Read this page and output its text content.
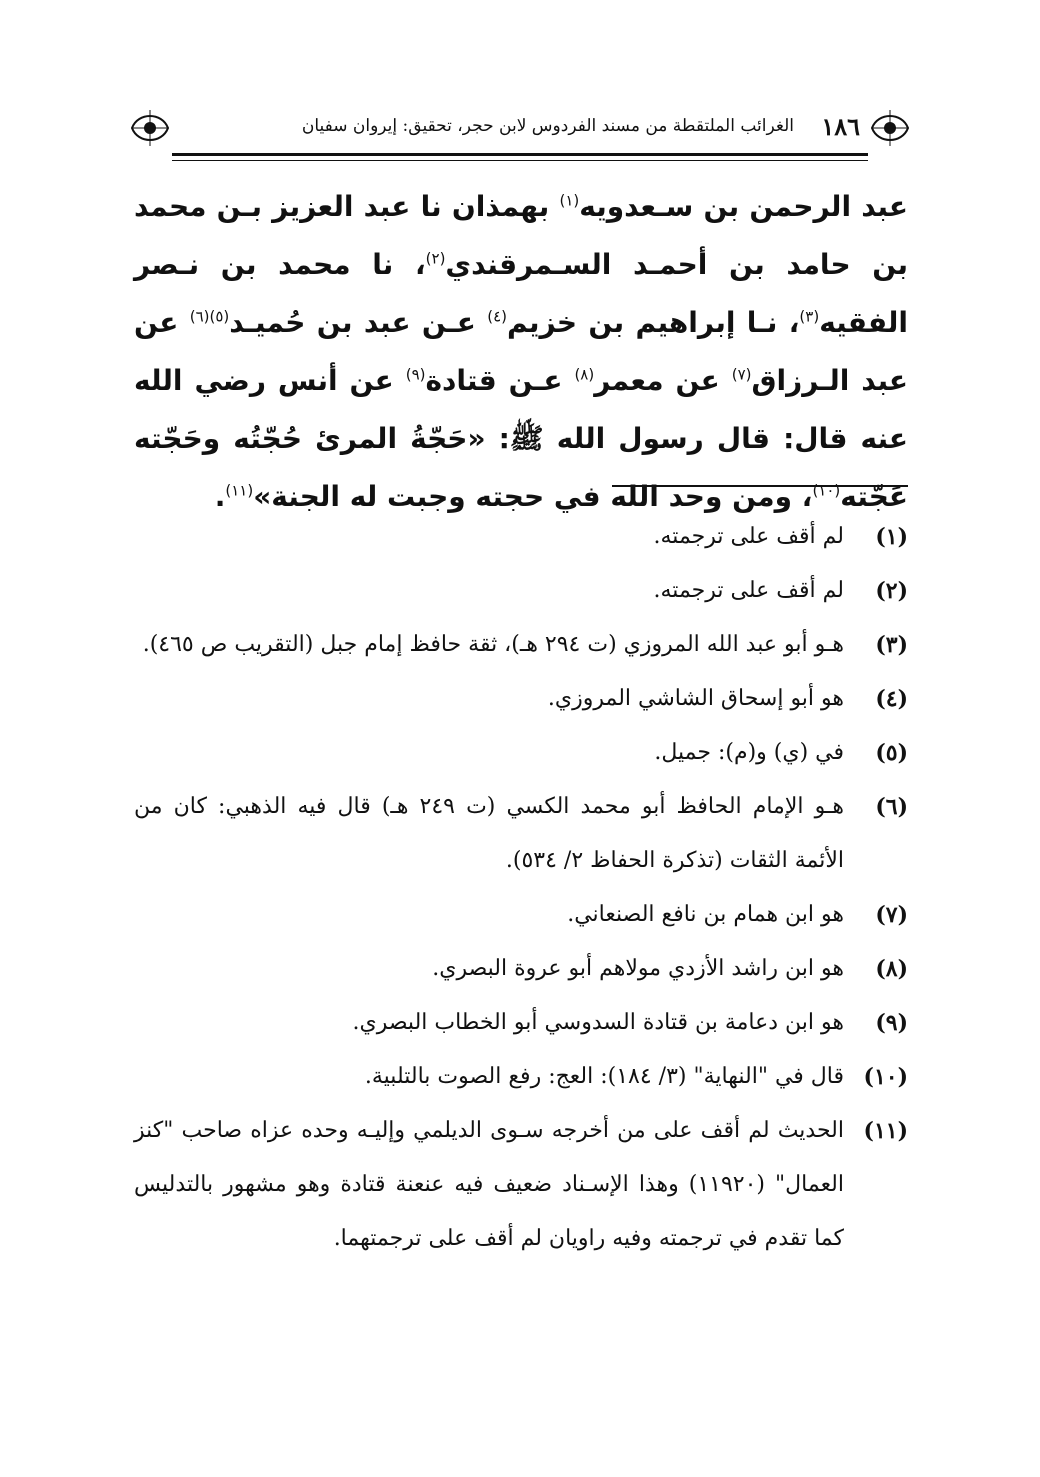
١٨٦
الغرائب الملتقطة من مسند الفردوس لابن حجر، تحقيق: إيروان سفيان

عبد الرحمن بن سـعدويه$^{(١)}$ بهمذان نا عبد العزيز بـن محمد بن حامد بن أحمـد السـمرقندي$^{(٢)}$، نا محمد بن نـصر الفقيه$^{(٣)}$، نـا إبراهيم بن خزيم$^{(٤)}$ عـن عبد بن حُميـد$^{(٥)(٦)}$ عن عبد الـرزاق$^{(٧)}$ عن معمر$^{(٨)}$ عـن قتادة$^{(٩)}$ عن أنس رضي الله عنه قال: قال رسول الله ﷺ: «حَجّةُ المرئ حُجّتُه وحَجّته عَجّته$^{(١٠)}$، ومن وحد الله في حجته وجبت له الجنة»$^{(١١)}$.

(١)
لم أقف على ترجمته.
(٢)
لم أقف على ترجمته.
(٣)
هـو أبو عبد الله المروزي (ت ٢٩٤ هـ)، ثقة حافظ إمام جبل (التقريب ص ٤٦٥).
(٤)
هو أبو إسحاق الشاشي المروزي.
(٥)
في (ي) و(م): جميل.
(٦)
هـو الإمام الحافظ أبو محمد الكسي (ت ٢٤٩ هـ) قال فيه الذهبي: كان من الأئمة الثقات (تذكرة الحفاظ ٢/ ٥٣٤).
(٧)
هو ابن همام بن نافع الصنعاني.
(٨)
هو ابن راشد الأزدي مولاهم أبو عروة البصري.
(٩)
هو ابن دعامة بن قتادة السدوسي أبو الخطاب البصري.
(١٠)
قال في "النهاية" (٣/ ١٨٤): العج: رفع الصوت بالتلبية.
(١١)
الحديث لم أقف على من أخرجه سـوى الديلمي وإليـه وحده عزاه صاحب "كنز العمال" (١١٩٢٠) وهذا الإسـناد ضعيف فيه عنعنة قتادة وهو مشهور بالتدليس كما تقدم في ترجمته وفيه راويان لم أقف على ترجمتهما.
